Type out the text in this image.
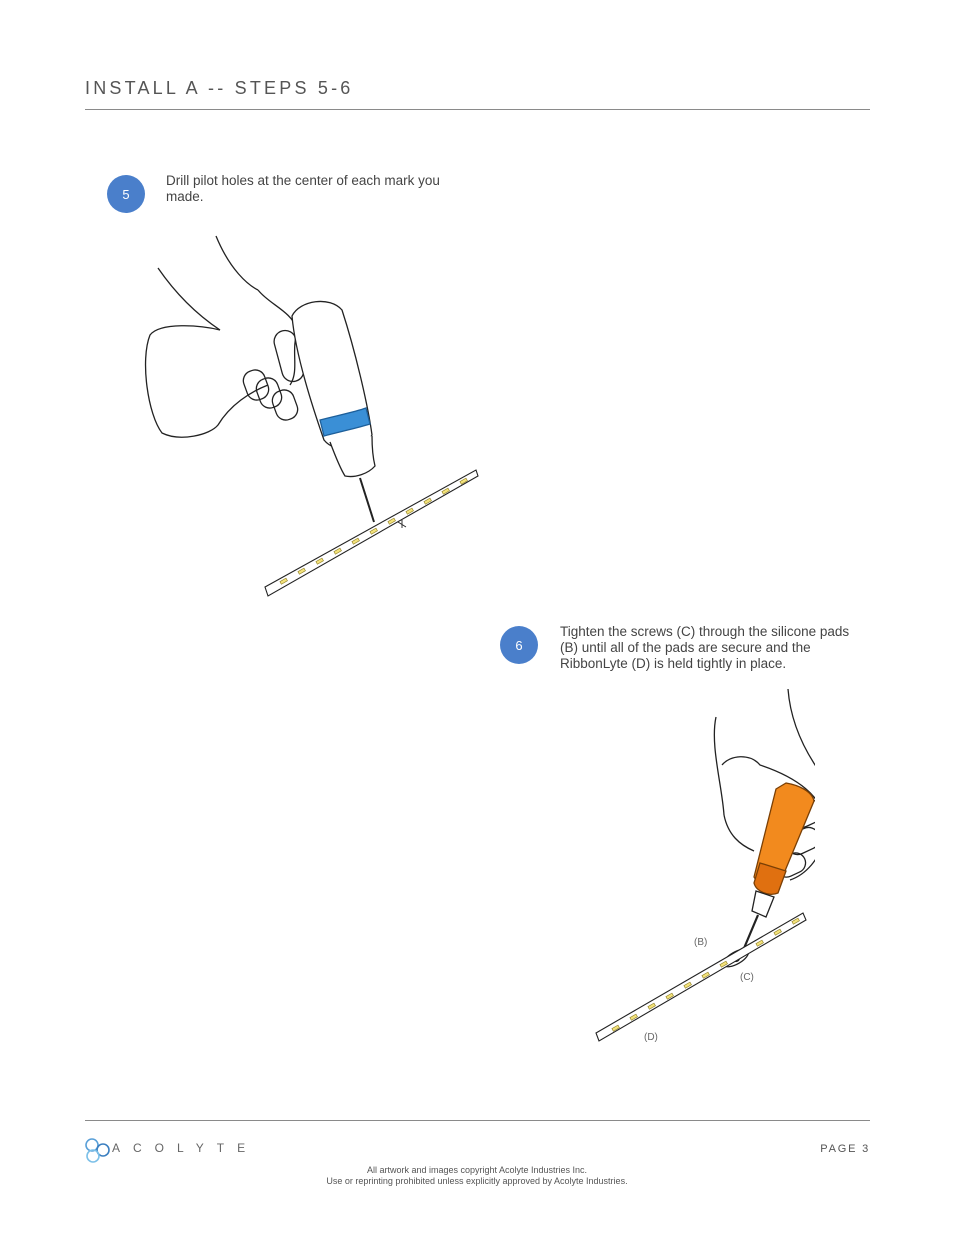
INSTALL A -- STEPS 5-6
5
Drill pilot holes at the center of each mark you made.
6
Tighten the screws (C) through the silicone pads (B) until all of the pads are secure and the RibbonLyte (D) is held tightly in place.
(B)
(C)
(D)
ACOLYTE	PAGE 3
All artwork and images copyright Acolyte Industries Inc.
Use or reprinting prohibited unless explicitly approved by Acolyte Industries.
